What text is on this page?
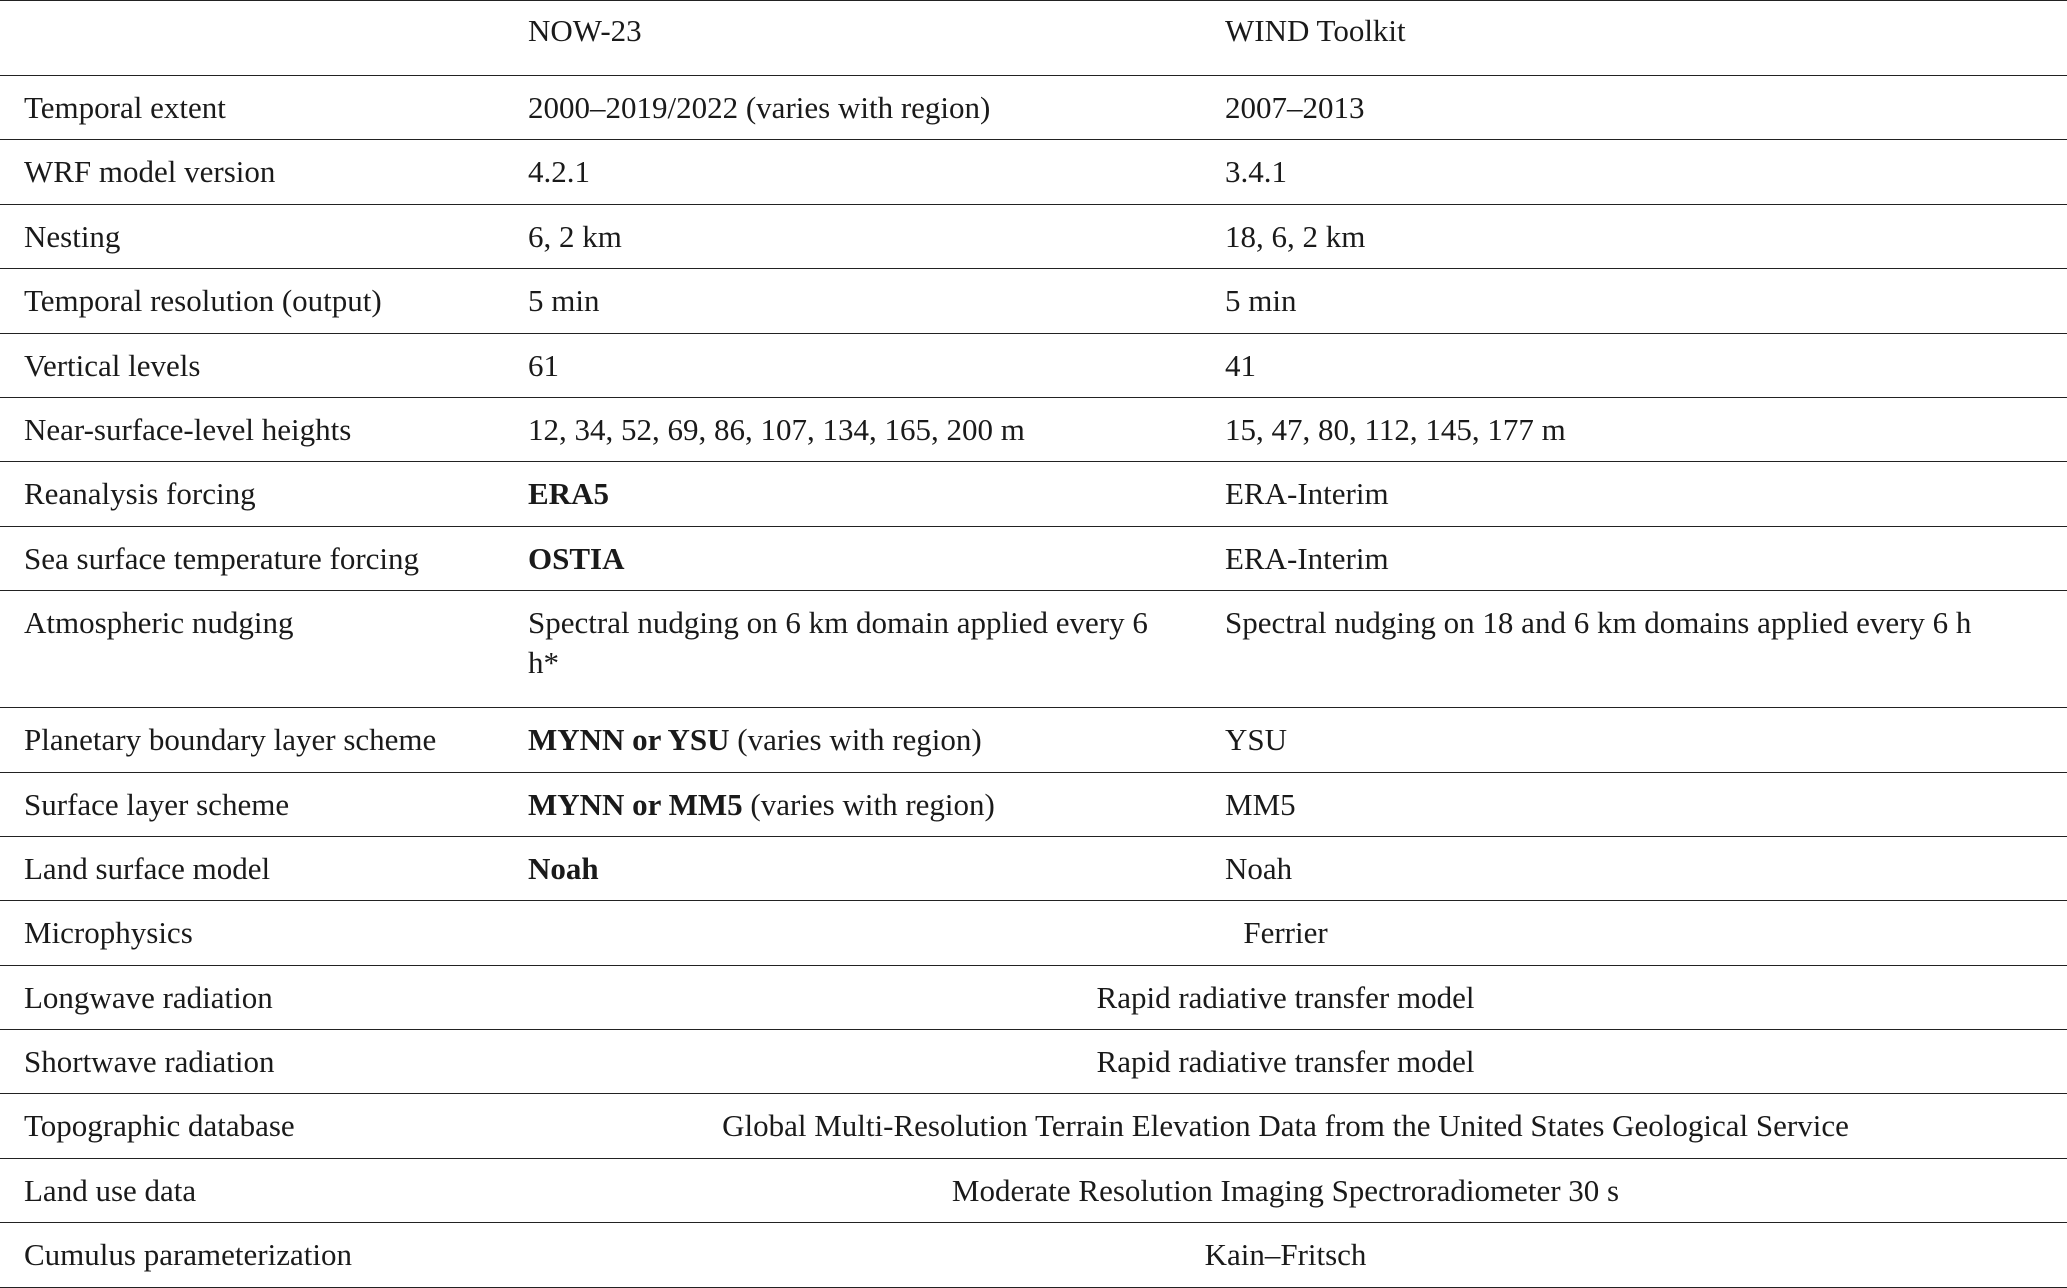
	NOW-23	WIND Toolkit
Temporal extent	2000–2019/2022 (varies with region)	2007–2013
WRF model version	4.2.1	3.4.1
Nesting	6, 2 km	18, 6, 2 km
Temporal resolution (output)	5 min	5 min
Vertical levels	61	41
Near-surface-level heights	12, 34, 52, 69, 86, 107, 134, 165, 200 m	15, 47, 80, 112, 145, 177 m
Reanalysis forcing	ERA5	ERA-Interim
Sea surface temperature forcing	OSTIA	ERA-Interim
Atmospheric nudging	Spectral nudging on 6 km domain applied every 6 h*	Spectral nudging on 18 and 6 km domains applied every 6 h
Planetary boundary layer scheme	MYNN or YSU (varies with region)	YSU
Surface layer scheme	MYNN or MM5 (varies with region)	MM5
Land surface model	Noah	Noah
Microphysics	Ferrier	
Longwave radiation	Rapid radiative transfer model	
Shortwave radiation	Rapid radiative transfer model	
Topographic database	Global Multi-Resolution Terrain Elevation Data from the United States Geological Service	
Land use data	Moderate Resolution Imaging Spectroradiometer 30 s	
Cumulus parameterization	Kain–Fritsch	
